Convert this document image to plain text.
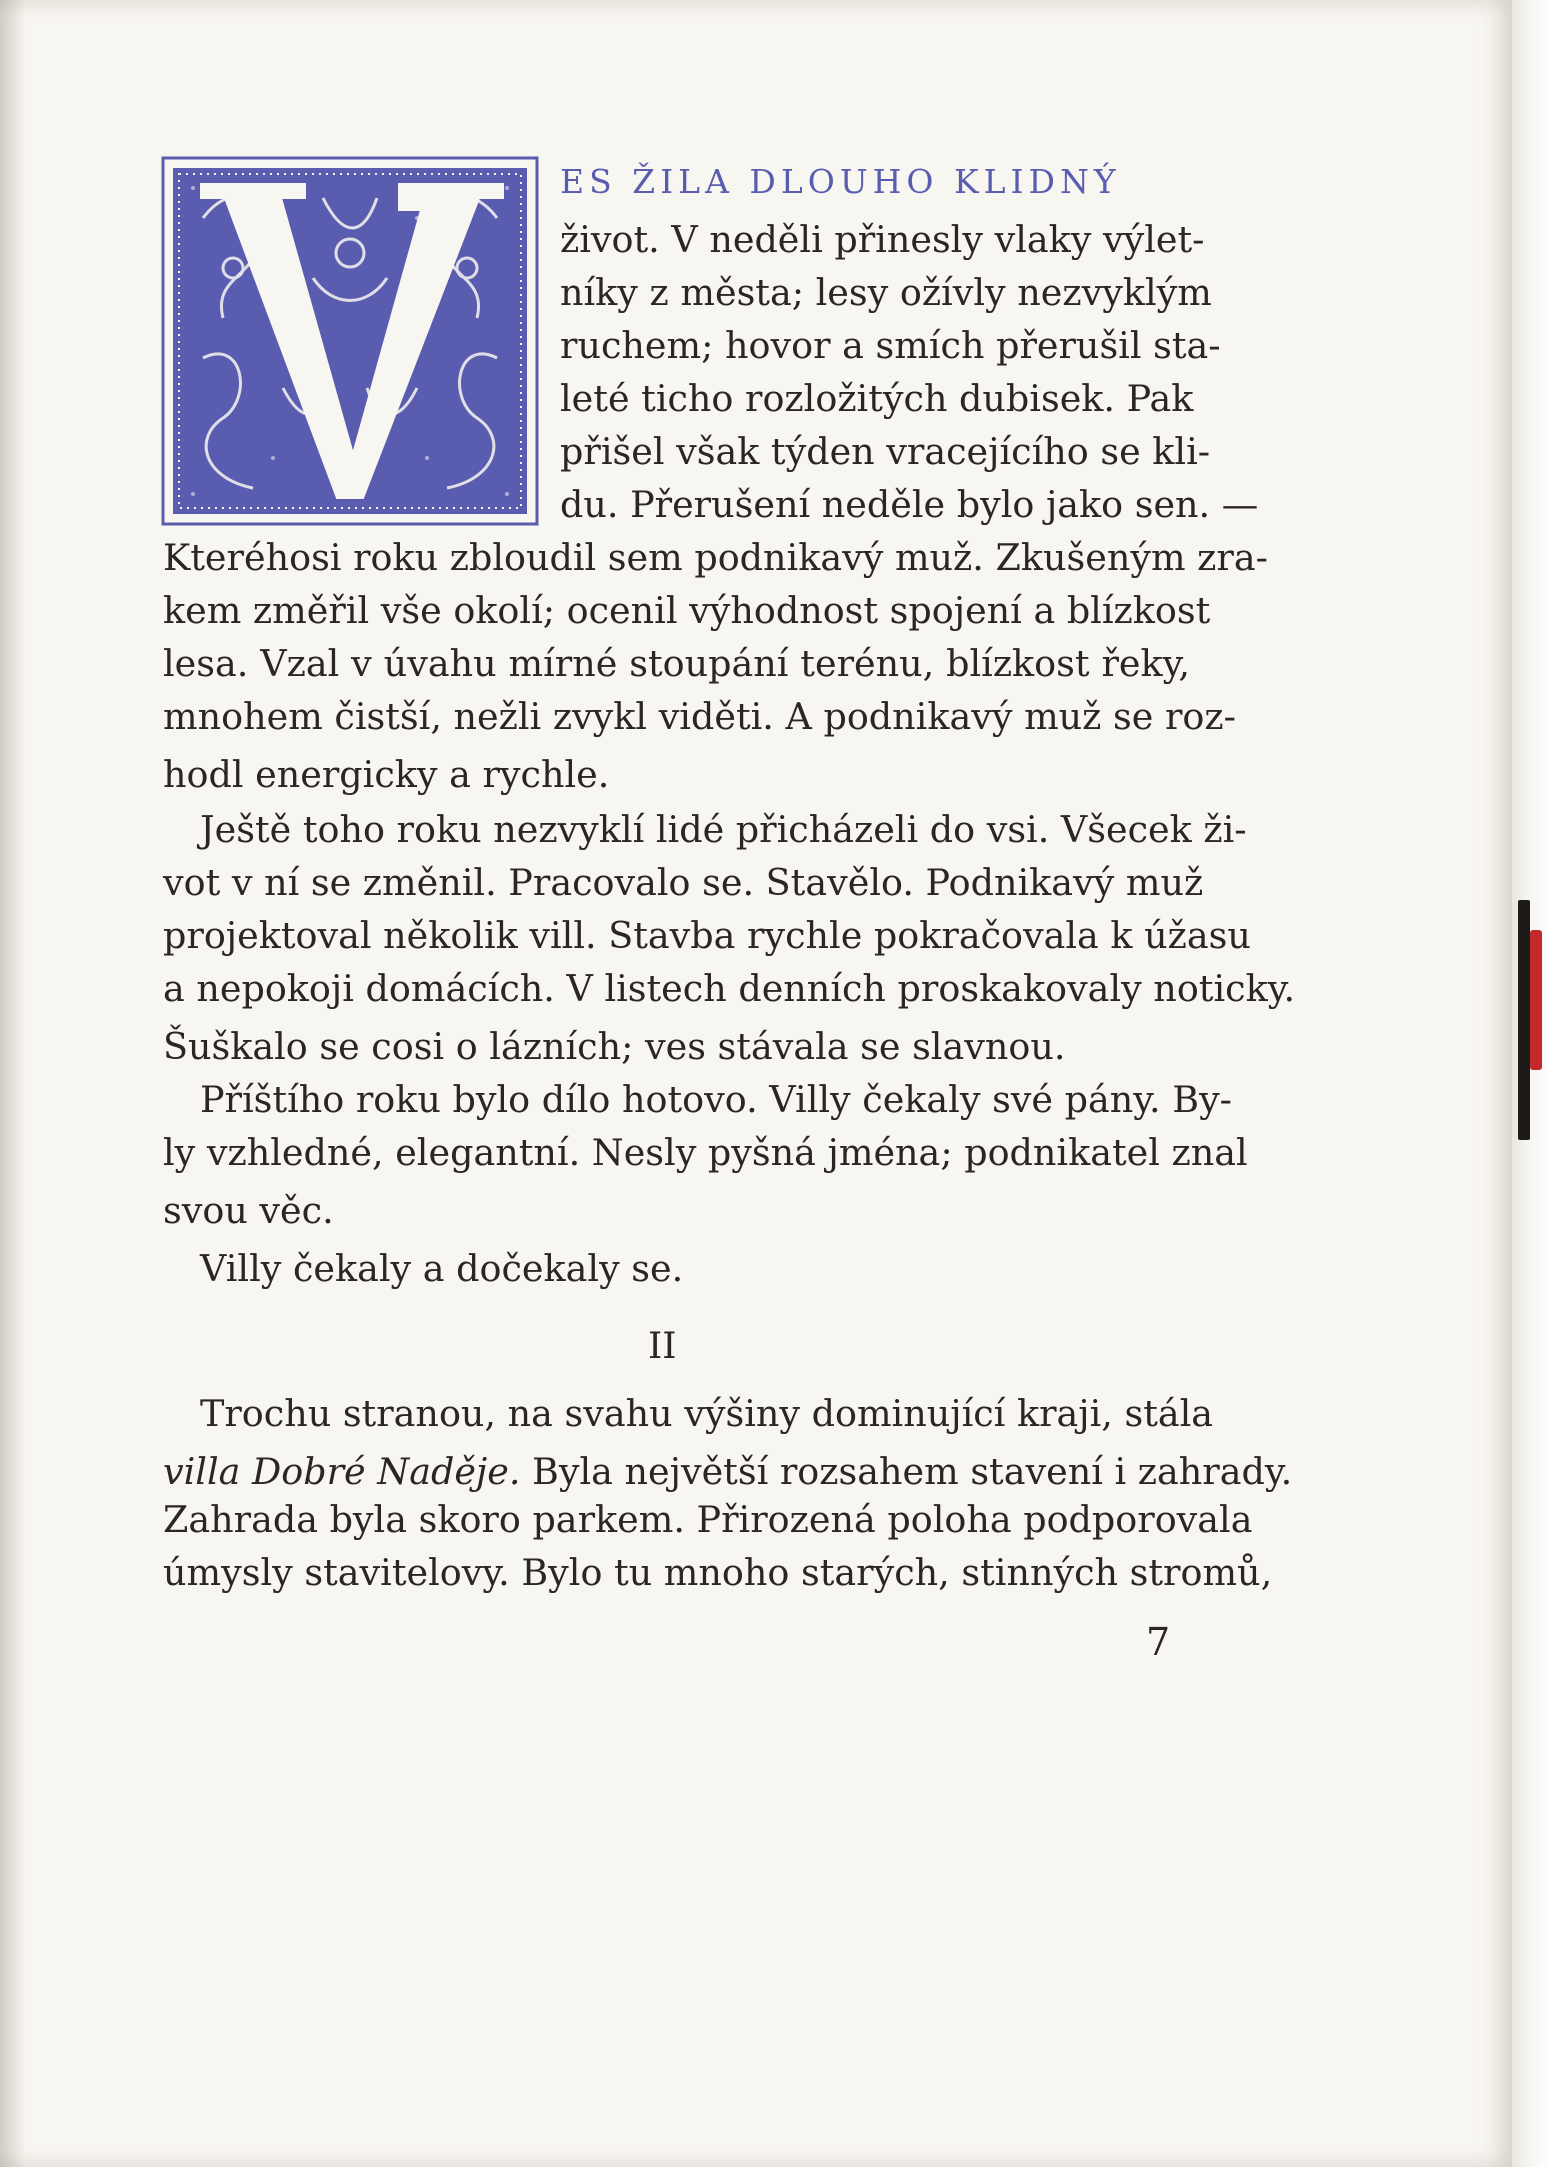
V
ES ŽILA DLOUHO KLIDNÝ
život. V neděli přinesly vlaky výlet-
níky z města; lesy ožívly nezvyklým
ruchem; hovor a smích přerušil sta-
leté ticho rozložitých dubisek. Pak
přišel však týden vracejícího se kli-
du. Přerušení neděle bylo jako sen. —
Kteréhosi roku zbloudil sem podnikavý muž. Zkušeným zra-
kem změřil vše okolí; ocenil výhodnost spojení a blízkost
lesa. Vzal v úvahu mírné stoupání terénu, blízkost řeky,
mnohem čistší, nežli zvykl viděti. A podnikavý muž se roz-
hodl energicky a rychle.
Ještě toho roku nezvyklí lidé přicházeli do vsi. Všecek ži-
vot v ní se změnil. Pracovalo se. Stavělo. Podnikavý muž
projektoval několik vill. Stavba rychle pokračovala k úžasu
a nepokoji domácích. V listech denních proskakovaly noticky.
Šuškalo se cosi o lázních; ves stávala se slavnou.
Příštího roku bylo dílo hotovo. Villy čekaly své pány. By-
ly vzhledné, elegantní. Nesly pyšná jména; podnikatel znal
svou věc.
Villy čekaly a dočekaly se.
II
Trochu stranou, na svahu výšiny dominující kraji, stála
villa Dobré Naděje. Byla největší rozsahem stavení i zahrady.
Zahrada byla skoro parkem. Přirozená poloha podporovala
úmysly stavitelovy. Bylo tu mnoho starých, stinných stromů,
7
